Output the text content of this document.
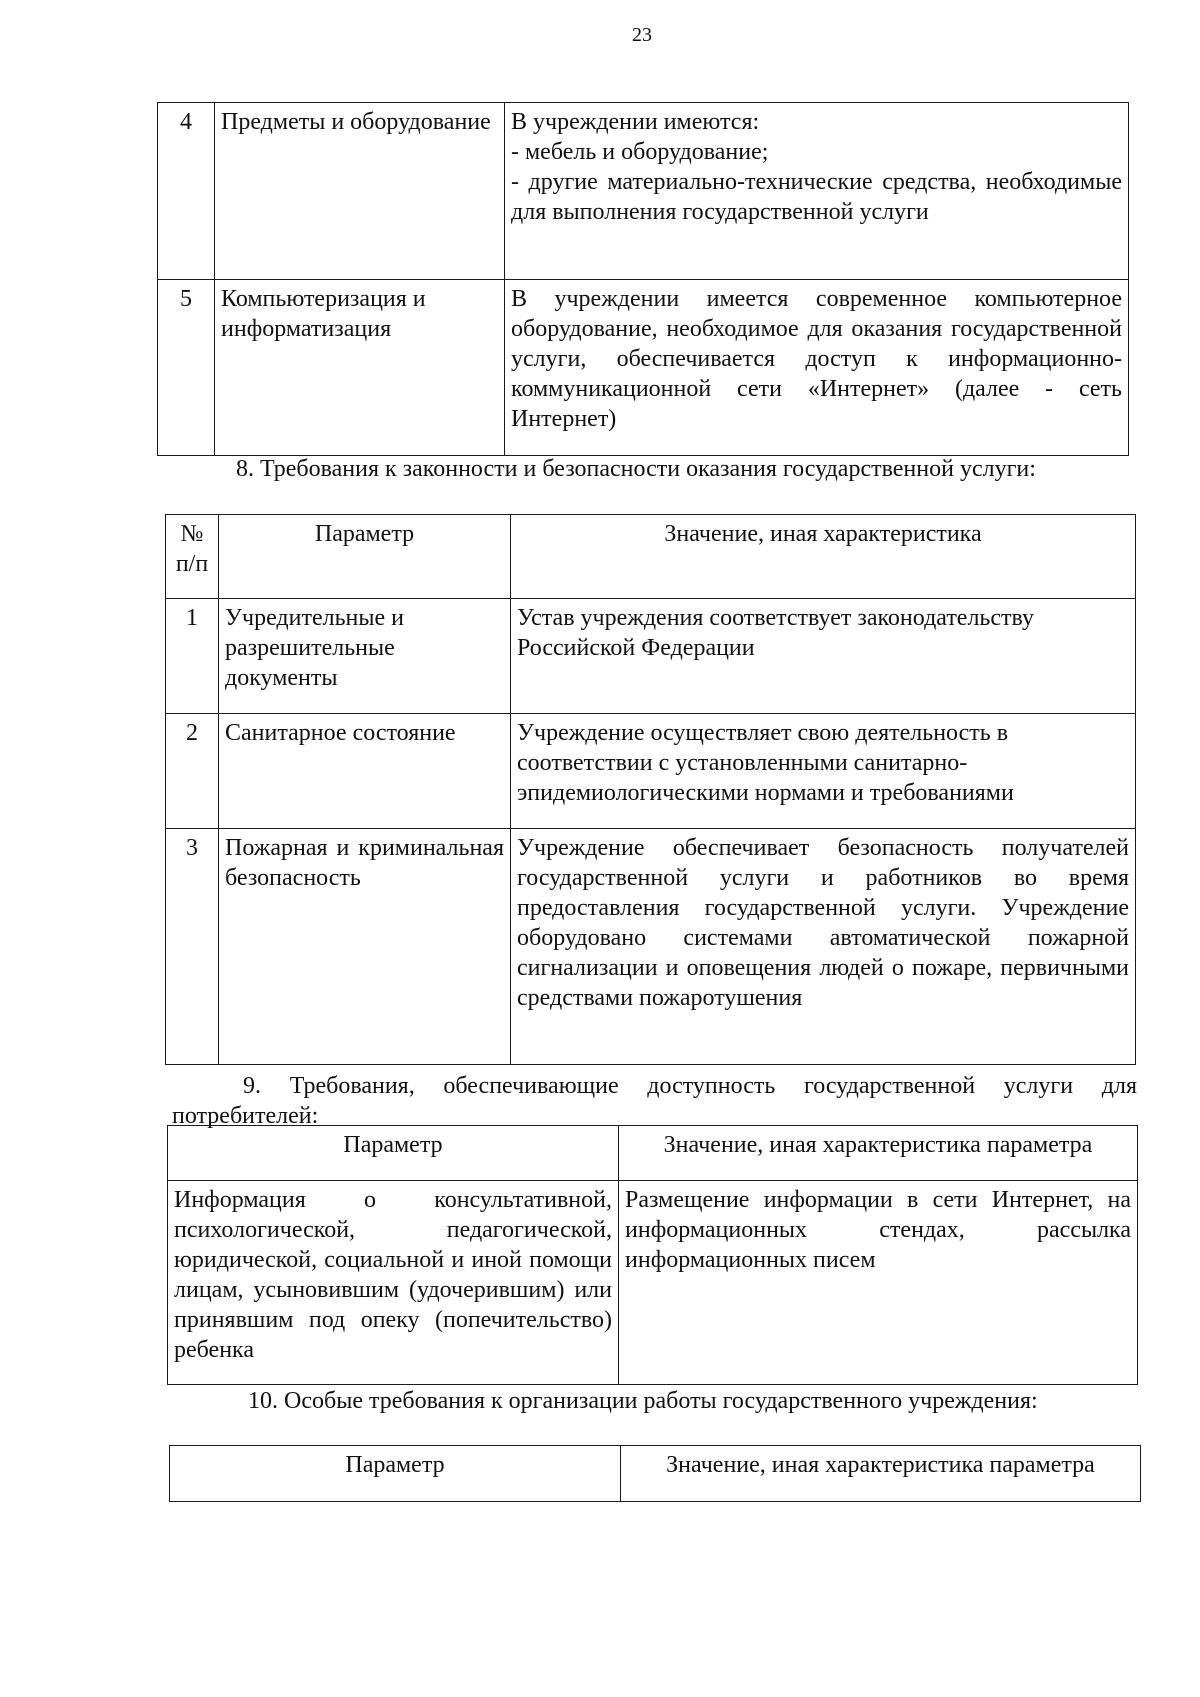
23
4	Предметы и оборудование	В учреждении имеются:
- мебель и оборудование;
- другие материально-технические средства, необходимые для выполнения государственной услуги

5	Компьютеризация и информатизация	В учреждении имеется современное компьютерное оборудование, необходимое для оказания государственной услуги, обеспечивается доступ к информационно-коммуникационной сети «Интернет» (далее - сеть Интернет)
8. Требования к законности и безопасности оказания государственной услуги:
№ п/п	Параметр	Значение, иная характеристика
1	Учредительные и разрешительные документы	Устав учреждения соответствует законодательству Российской Федерации
2	Санитарное состояние	Учреждение осуществляет свою деятельность в соответствии с установленными санитарно-эпидемиологическими нормами и требованиями
3	Пожарная и криминальная безопасность	Учреждение обеспечивает безопасность получателей государственной услуги и работников во время предоставления государственной услуги. Учреждение оборудовано системами автоматической пожарной сигнализации и оповещения людей о пожаре, первичными средствами пожаротушения
9. Требования, обеспечивающие доступность государственной услуги для потребителей:
Параметр	Значение, иная характеристика параметра
Информация о консультативной, психологической, педагогической, юридической, социальной и иной помощи лицам, усыновившим (удочерившим) или принявшим под опеку (попечительство) ребенка	Размещение информации в сети Интернет, на информационных стендах, рассылка информационных писем
10. Особые требования к организации работы государственного учреждения:
Параметр	Значение, иная характеристика параметра
